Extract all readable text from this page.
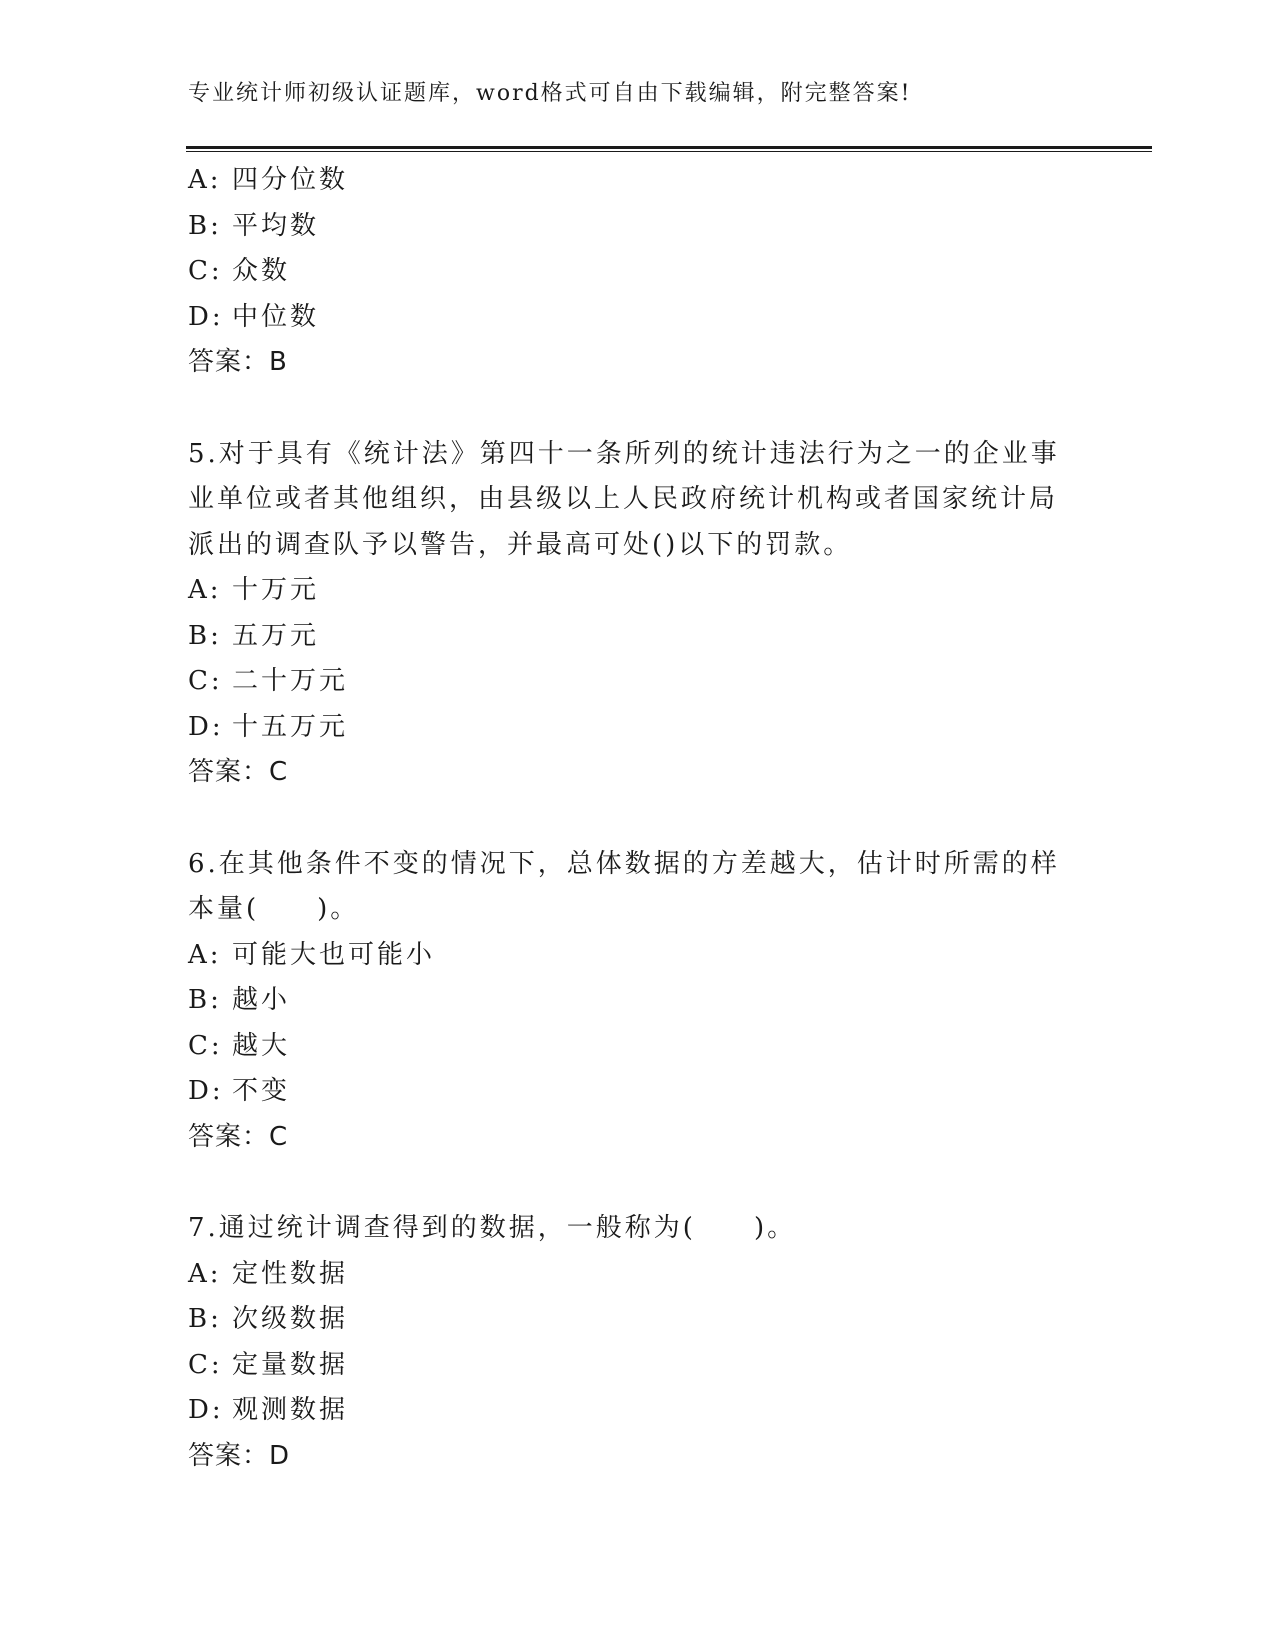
专业统计师初级认证题库，word格式可自由下载编辑，附完整答案!
A: 四分位数
B: 平均数
C: 众数
D: 中位数
答案：B
5.对于具有《统计法》第四十一条所列的统计违法行为之一的企业事
业单位或者其他组织，由县级以上人民政府统计机构或者国家统计局
派出的调查队予以警告，并最高可处()以下的罚款。
A: 十万元
B: 五万元
C: 二十万元
D: 十五万元
答案：C
6.在其他条件不变的情况下，总体数据的方差越大，估计时所需的样
本量(　　)。
A: 可能大也可能小
B: 越小
C: 越大
D: 不变
答案：C
7.通过统计调查得到的数据，一般称为(　　)。
A: 定性数据
B: 次级数据
C: 定量数据
D: 观测数据
答案：D
